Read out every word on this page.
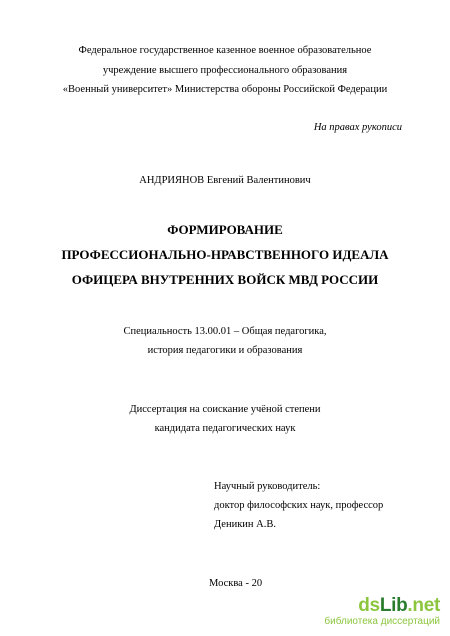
Федеральное государственное казенное военное образовательное
учреждение высшего профессионального образования
«Военный университет» Министерства обороны Российской Федерации
На правах рукописи
АНДРИЯНОВ Евгений Валентинович
ФОРМИРОВАНИЕ
ПРОФЕССИОНАЛЬНО-НРАВСТВЕННОГО ИДЕАЛА
ОФИЦЕРА ВНУТРЕННИХ ВОЙСК МВД РОССИИ
Специальность 13.00.01 – Общая педагогика,
история педагогики и образования
Диссертация на соискание учёной степени
кандидата педагогических наук
Научный руководитель:
доктор философских наук, профессор
Деникин А.В.
Москва - 20
dsLib.net
библиотека диссертаций
